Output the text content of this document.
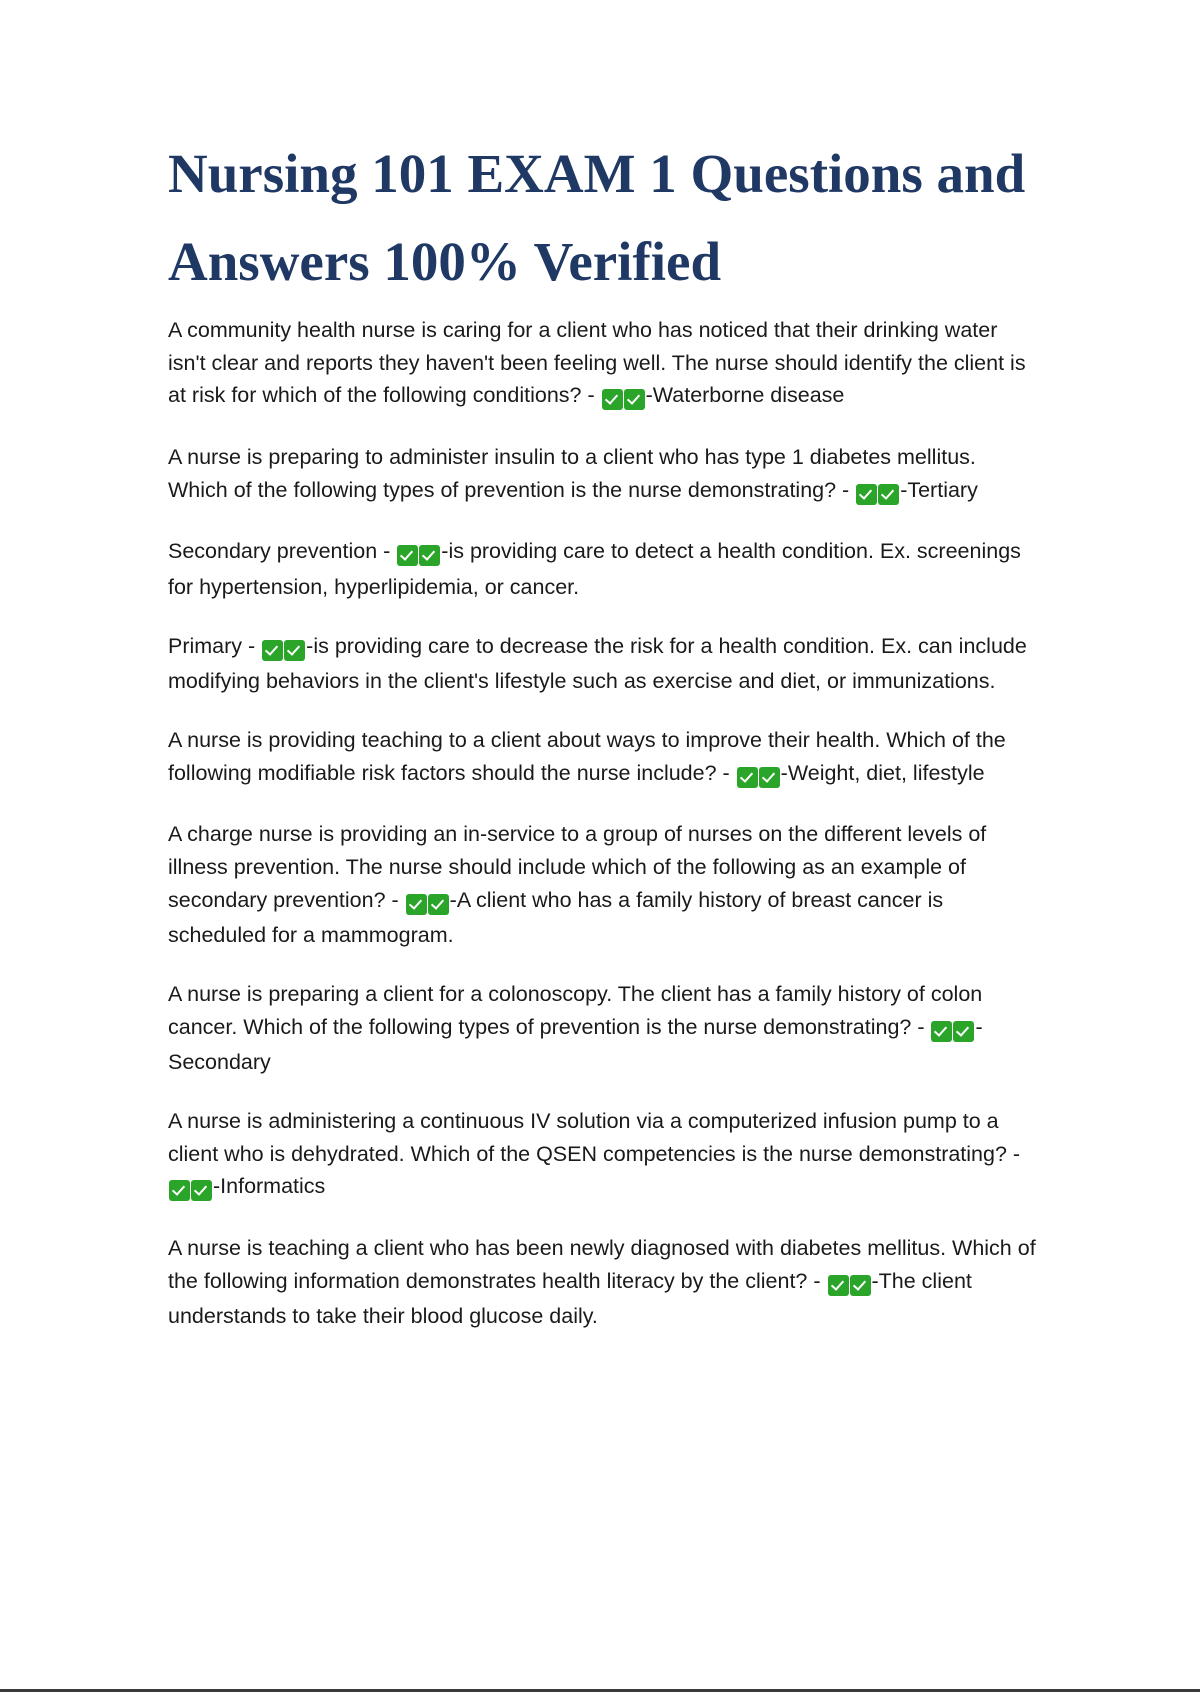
Nursing 101 EXAM 1 Questions and Answers 100% Verified

A community health nurse is caring for a client who has noticed that their drinking water isn't clear and reports they haven't been feeling well. The nurse should identify the client is at risk for which of the following conditions? - -Waterborne disease

A nurse is preparing to administer insulin to a client who has type 1 diabetes mellitus. Which of the following types of prevention is the nurse demonstrating? - -Tertiary

Secondary prevention - -is providing care to detect a health condition. Ex. screenings for hypertension, hyperlipidemia, or cancer.

Primary - -is providing care to decrease the risk for a health condition. Ex. can include modifying behaviors in the client's lifestyle such as exercise and diet, or immunizations.

A nurse is providing teaching to a client about ways to improve their health. Which of the following modifiable risk factors should the nurse include? - -Weight, diet, lifestyle

A charge nurse is providing an in-service to a group of nurses on the different levels of illness prevention. The nurse should include which of the following as an example of secondary prevention? - -A client who has a family history of breast cancer is scheduled for a mammogram.

A nurse is preparing a client for a colonoscopy. The client has a family history of colon cancer. Which of the following types of prevention is the nurse demonstrating? - -Secondary

A nurse is administering a continuous IV solution via a computerized infusion pump to a client who is dehydrated. Which of the QSEN competencies is the nurse demonstrating? - -Informatics

A nurse is teaching a client who has been newly diagnosed with diabetes mellitus. Which of the following information demonstrates health literacy by the client? - -The client understands to take their blood glucose daily.
